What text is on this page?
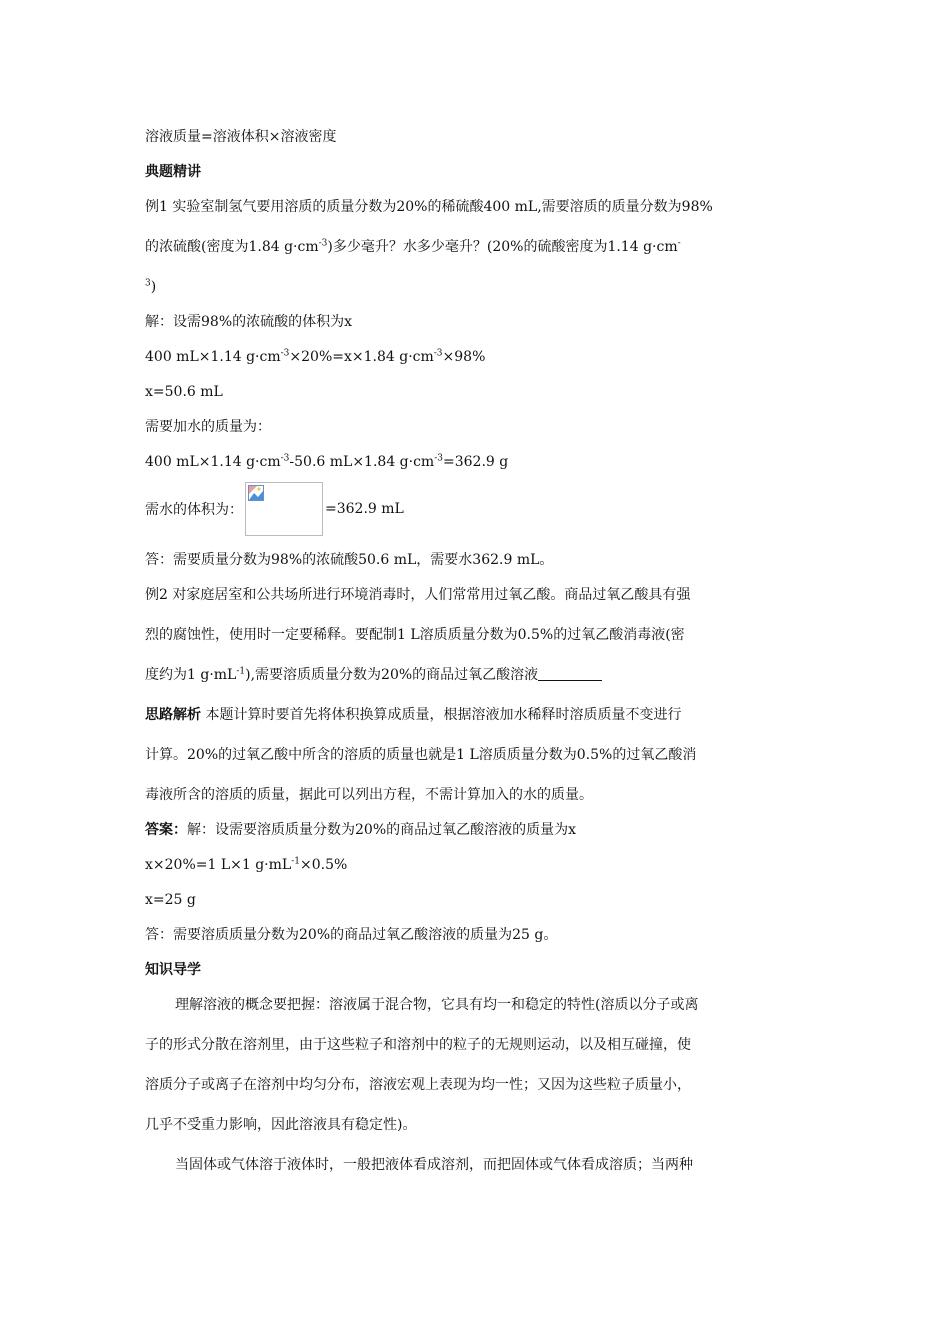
溶液质量=溶液体积×溶液密度

典题精讲

例1 实验室制氢气要用溶质的质量分数为20%的稀硫酸400 mL,需要溶质的质量分数为98%

的浓硫酸(密度为1.84 $g\cdot cm^{-3}$)多少毫升？水多少毫升？(20%的硫酸密度为1.14 g·cm-

$^3$)

解：设需98%的浓硫酸的体积为x

400 mL×1.14 $g\cdot cm^{-3}\times 20\%=x\times 1.84$ $g\cdot cm^{-3}\times 98\%$

x=50.6 mL

需要加水的质量为：

400 mL×1.14 $g\cdot cm^{-3}-50.6$ mL×1.84 $g\cdot cm^{-3}=362.9$ g

需水的体积为：	=362.9 mL

答：需要质量分数为98%的浓硫酸50.6 mL，需要水362.9 mL。

例2 对家庭居室和公共场所进行环境消毒时，人们常常用过氧乙酸。商品过氧乙酸具有强

烈的腐蚀性，使用时一定要稀释。要配制1 L溶质质量分数为0.5%的过氧乙酸消毒液(密

度约为1 $g\cdot mL^{-1}$),需要溶质质量分数为20%的商品过氧乙酸溶液

思路解析 本题计算时要首先将体积换算成质量，根据溶液加水稀释时溶质质量不变进行

计算。20%的过氧乙酸中所含的溶质的质量也就是1 L溶质质量分数为0.5%的过氧乙酸消

毒液所含的溶质的质量，据此可以列出方程，不需计算加入的水的质量。

答案：解：设需要溶质质量分数为20%的商品过氧乙酸溶液的质量为x

x×20%=1 L×1 $g\cdot mL^{-1}\times 0.5\%$

x=25 g

答：需要溶质质量分数为20%的商品过氧乙酸溶液的质量为25 g。

知识导学

理解溶液的概念要把握：溶液属于混合物，它具有均一和稳定的特性(溶质以分子或离

子的形式分散在溶剂里，由于这些粒子和溶剂中的粒子的无规则运动，以及相互碰撞，使

溶质分子或离子在溶剂中均匀分布，溶液宏观上表现为均一性；又因为这些粒子质量小，

几乎不受重力影响，因此溶液具有稳定性)。

当固体或气体溶于液体时，一般把液体看成溶剂，而把固体或气体看成溶质；当两种
